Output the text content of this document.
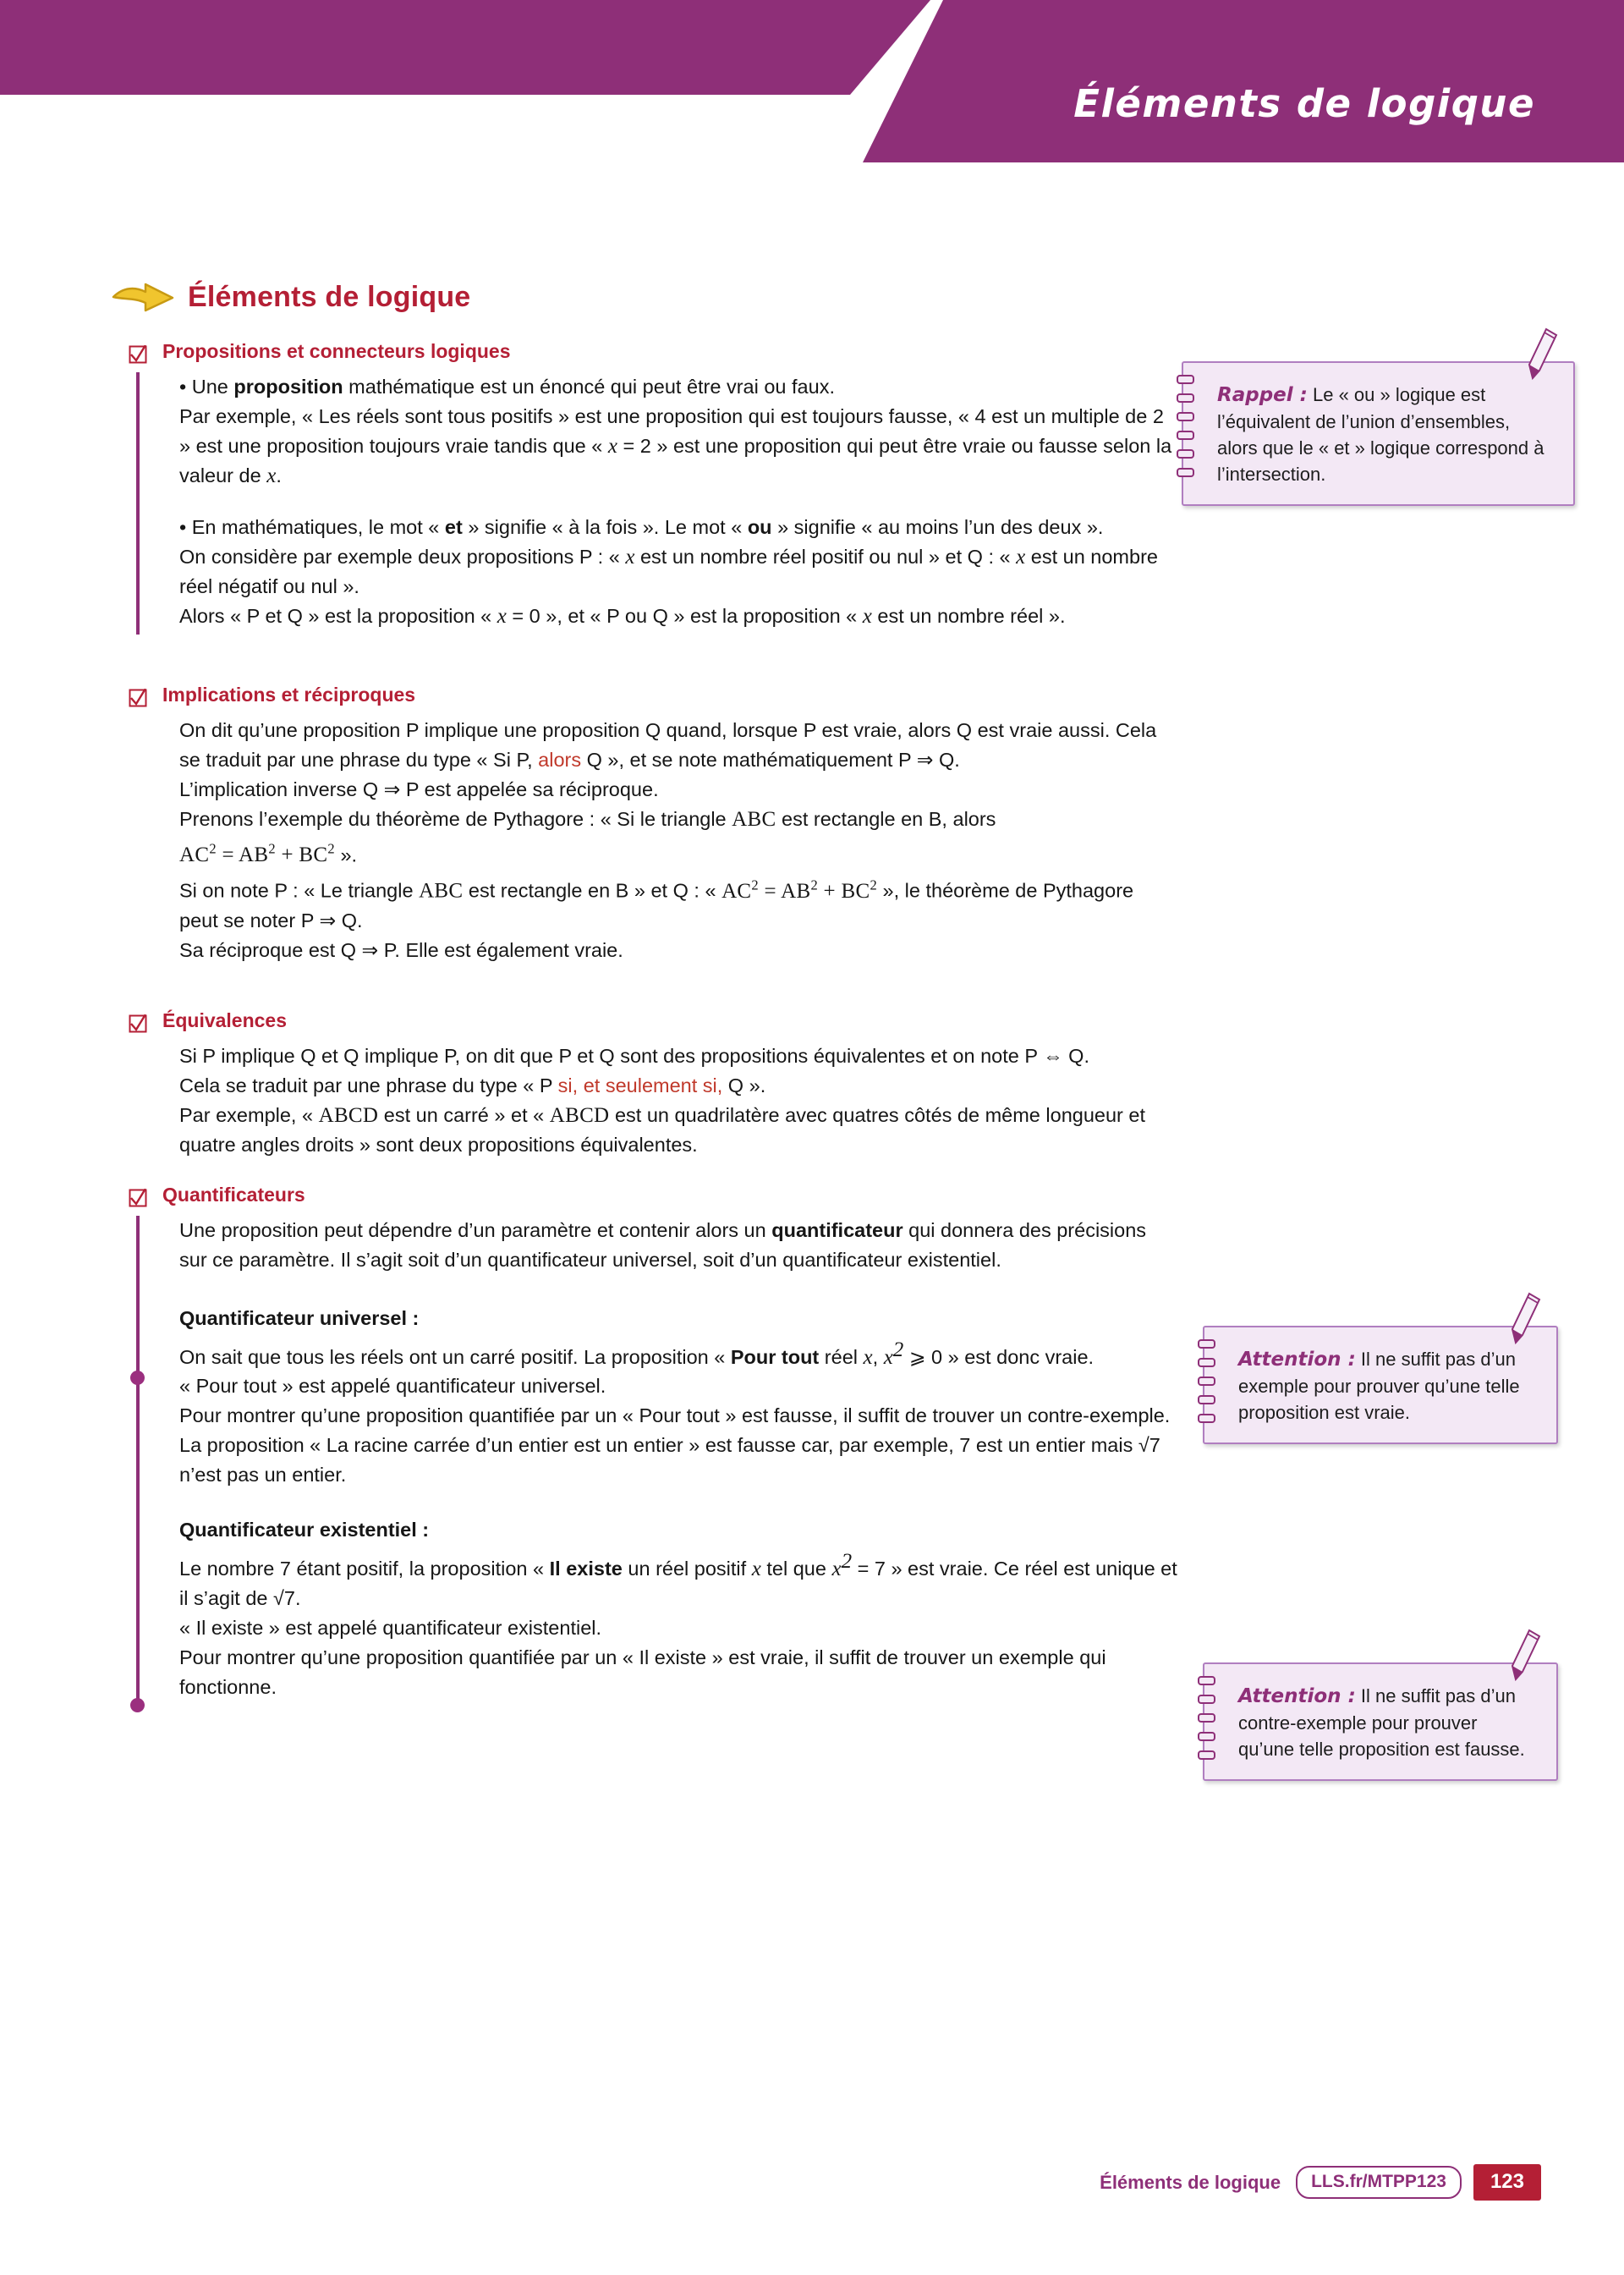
Éléments de logique
Éléments de logique
Propositions et connecteurs logiques

• Une proposition mathématique est un énoncé qui peut être vrai ou faux.

Par exemple, « Les réels sont tous positifs » est une proposition qui est toujours fausse, « 4 est un multiple de 2 » est une proposition toujours vraie tandis que « x = 2 » est une proposition qui peut être vraie ou fausse selon la valeur de x.

• En mathématiques, le mot « et » signifie « à la fois ». Le mot « ou » signifie « au moins l’un des deux ».

On considère par exemple deux propositions P : « x est un nombre réel positif ou nul » et Q : « x est un nombre réel négatif ou nul ».

Alors « P et Q » est la proposition « x = 0 », et « P ou Q » est la proposition « x est un nombre réel ».

Rappel : Le « ou » logique est l’équivalent de l’union d’ensembles, alors que le « et » logique correspond à l’intersection.
Implications et réciproques

On dit qu’une proposition P implique une proposition Q quand, lorsque P est vraie, alors Q est vraie aussi. Cela se traduit par une phrase du type « Si P, alors Q », et se note mathématiquement P ⇒ Q.

L’implication inverse Q ⇒ P est appelée sa réciproque.

Prenons l’exemple du théorème de Pythagore : « Si le triangle ABC est rectangle en B, alors

$AC^2 = AB^2 + BC^2$ ».

Si on note P : « Le triangle ABC est rectangle en B » et Q : « $AC^2 = AB^2 + BC^2$ », le théorème de Pythagore peut se noter P ⇒ Q.

Sa réciproque est Q ⇒ P. Elle est également vraie.

Équivalences

Si P implique Q et Q implique P, on dit que P et Q sont des propositions équivalentes et on note P ⇔ Q.

Cela se traduit par une phrase du type « P si, et seulement si, Q ».

Par exemple, « ABCD est un carré » et « ABCD est un quadrilatère avec quatres côtés de même longueur et quatre angles droits » sont deux propositions équivalentes.

Quantificateurs

Une proposition peut dépendre d’un paramètre et contenir alors un quantificateur qui donnera des précisions sur ce paramètre. Il s’agit soit d’un quantificateur universel, soit d’un quantificateur existentiel.

Quantificateur universel :

On sait que tous les réels ont un carré positif. La proposition « Pour tout réel x, $x^2$ ⩾ 0 » est donc vraie.

« Pour tout » est appelé quantificateur universel.

Pour montrer qu’une proposition quantifiée par un « Pour tout » est fausse, il suffit de trouver un contre-exemple. La proposition « La racine carrée d’un entier est un entier » est fausse car, par exemple, 7 est un entier mais √7 n’est pas un entier.

Quantificateur existentiel :

Le nombre 7 étant positif, la proposition « Il existe un réel positif x tel que $x^2 = 7$ » est vraie. Ce réel est unique et il s’agit de √7.

« Il existe » est appelé quantificateur existentiel.

Pour montrer qu’une proposition quantifiée par un « Il existe » est vraie, il suffit de trouver un exemple qui fonctionne.

Attention : Il ne suffit pas d’un exemple pour prouver qu’une telle proposition est vraie.
Attention : Il ne suffit pas d’un contre-exemple pour prouver qu’une telle proposition est fausse.
Éléments de logique	LLS.fr/MTPP123	123
